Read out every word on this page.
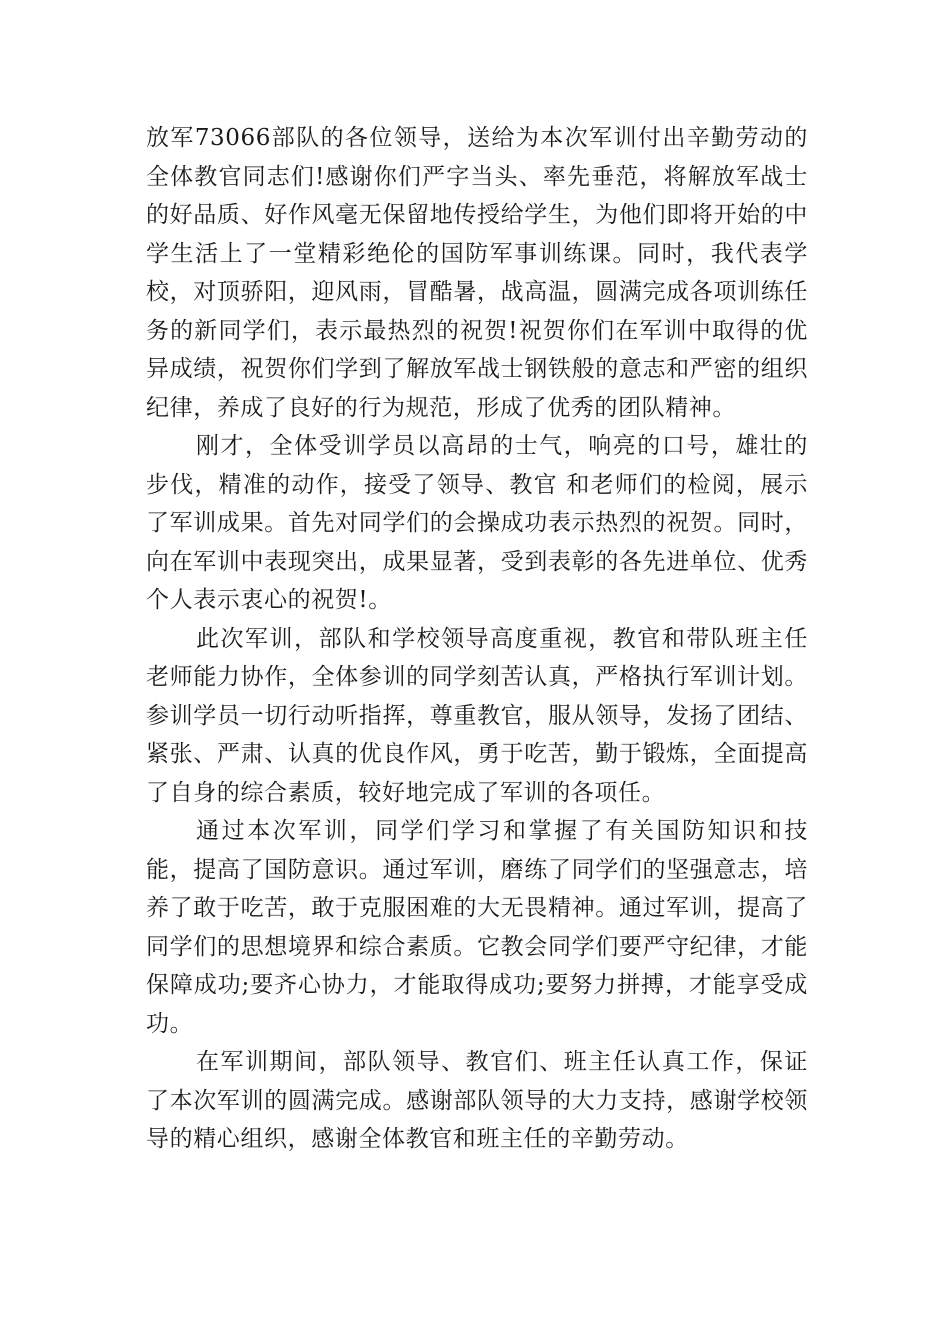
放军73066部队的各位领导，送给为本次军训付出辛勤劳动的全体教官同志们!感谢你们严字当头、率先垂范，将解放军战士的好品质、好作风毫无保留地传授给学生，为他们即将开始的中学生活上了一堂精彩绝伦的国防军事训练课。同时，我代表学校，对顶骄阳，迎风雨，冒酷暑，战高温，圆满完成各项训练任务的新同学们，表示最热烈的祝贺!祝贺你们在军训中取得的优异成绩，祝贺你们学到了解放军战士钢铁般的意志和严密的组织纪律，养成了良好的行为规范，形成了优秀的团队精神。

刚才，全体受训学员以高昂的士气，响亮的口号，雄壮的步伐，精准的动作，接受了领导、教官 和老师们的检阅，展示了军训成果。首先对同学们的会操成功表示热烈的祝贺。同时，向在军训中表现突出，成果显著，受到表彰的各先进单位、优秀个人表示衷心的祝贺!。

此次军训，部队和学校领导高度重视，教官和带队班主任老师能力协作，全体参训的同学刻苦认真，严格执行军训计划。参训学员一切行动听指挥，尊重教官，服从领导，发扬了团结、紧张、严肃、认真的优良作风，勇于吃苦，勤于锻炼，全面提高了自身的综合素质，较好地完成了军训的各项任。

通过本次军训，同学们学习和掌握了有关国防知识和技能，提高了国防意识。通过军训，磨练了同学们的坚强意志，培养了敢于吃苦，敢于克服困难的大无畏精神。通过军训，提高了同学们的思想境界和综合素质。它教会同学们要严守纪律，才能保障成功;要齐心协力，才能取得成功;要努力拼搏，才能享受成功。

在军训期间，部队领导、教官们、班主任认真工作，保证了本次军训的圆满完成。感谢部队领导的大力支持，感谢学校领导的精心组织，感谢全体教官和班主任的辛勤劳动。
